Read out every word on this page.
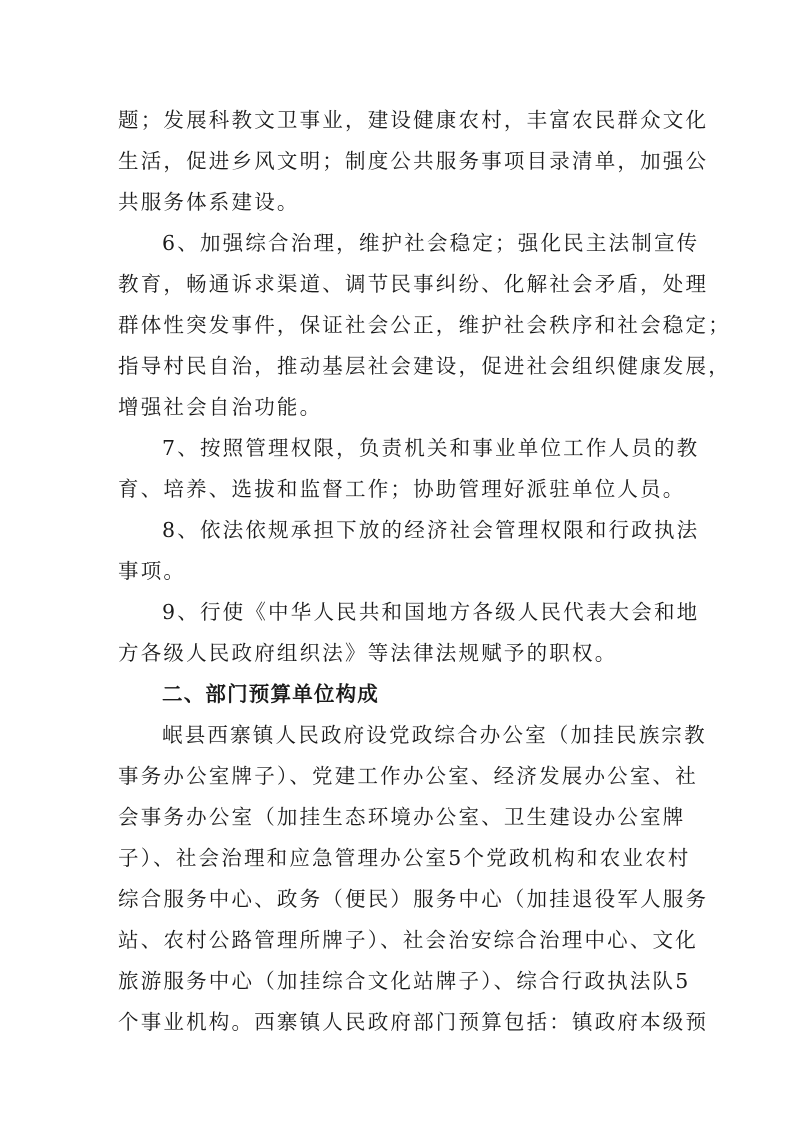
题；发展科教文卫事业，建设健康农村，丰富农民群众文化
生活，促进乡风文明；制度公共服务事项目录清单，加强公
共服务体系建设。
6、加强综合治理，维护社会稳定；强化民主法制宣传
教育，畅通诉求渠道、调节民事纠纷、化解社会矛盾，处理
群体性突发事件，保证社会公正，维护社会秩序和社会稳定；
指导村民自治，推动基层社会建设，促进社会组织健康发展，
增强社会自治功能。
7、按照管理权限，负责机关和事业单位工作人员的教
育、培养、选拔和监督工作；协助管理好派驻单位人员。
8、依法依规承担下放的经济社会管理权限和行政执法
事项。
9、行使《中华人民共和国地方各级人民代表大会和地
方各级人民政府组织法》等法律法规赋予的职权。
二、部门预算单位构成
岷县西寨镇人民政府设党政综合办公室（加挂民族宗教
事务办公室牌子）、党建工作办公室、经济发展办公室、社
会事务办公室（加挂生态环境办公室、卫生建设办公室牌
子）、社会治理和应急管理办公室5个党政机构和农业农村
综合服务中心、政务（便民）服务中心（加挂退役军人服务
站、农村公路管理所牌子）、社会治安综合治理中心、文化
旅游服务中心（加挂综合文化站牌子）、综合行政执法队5
个事业机构。西寨镇人民政府部门预算包括：镇政府本级预
